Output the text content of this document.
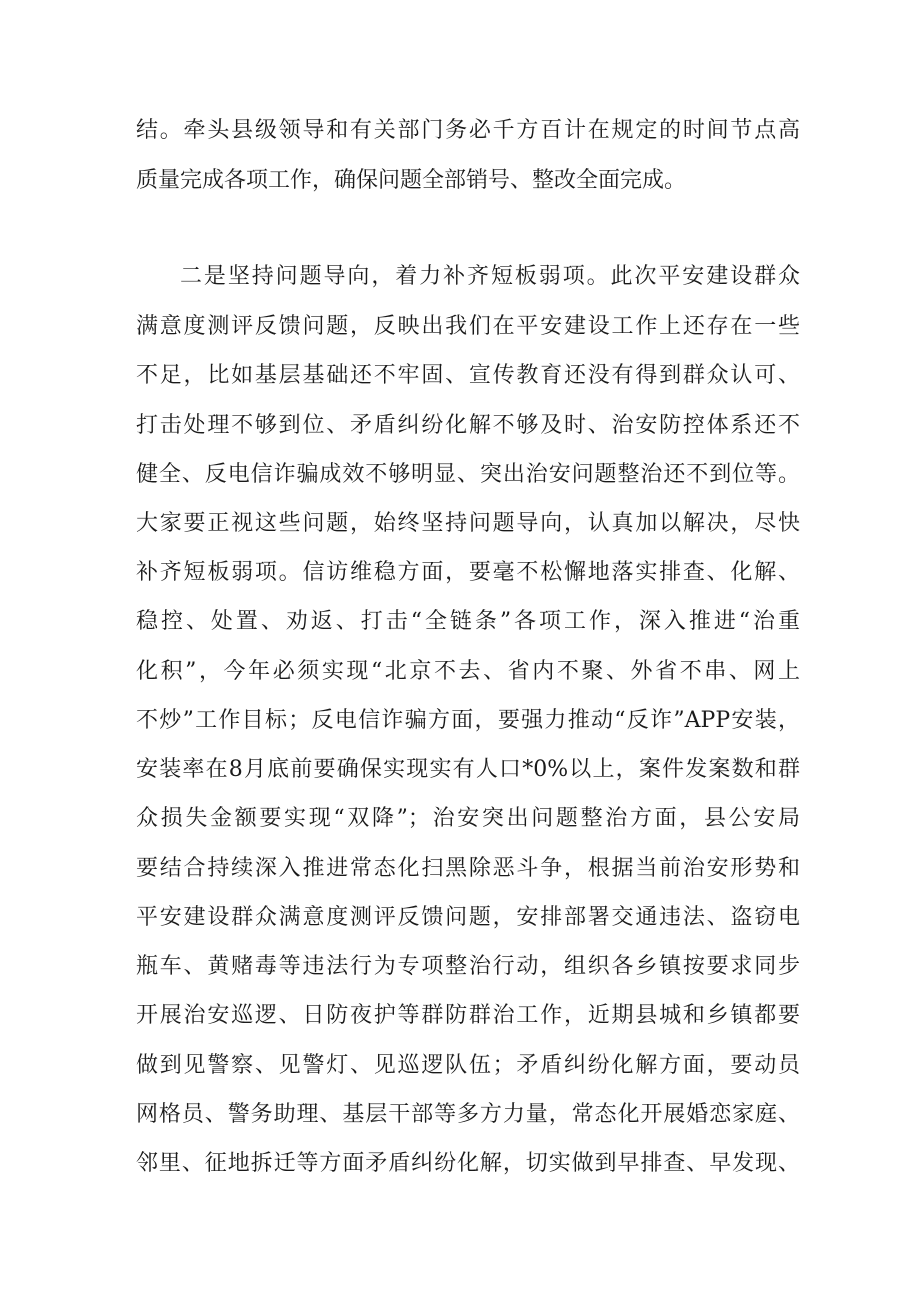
结。牵头县级领导和有关部门务必千方百计在规定的时间节点高
质量完成各项工作，确保问题全部销号、整改全面完成。
二是坚持问题导向，着力补齐短板弱项。此次平安建设群众
满意度测评反馈问题，反映出我们在平安建设工作上还存在一些
不足，比如基层基础还不牢固、宣传教育还没有得到群众认可、
打击处理不够到位、矛盾纠纷化解不够及时、治安防控体系还不
健全、反电信诈骗成效不够明显、突出治安问题整治还不到位等。
大家要正视这些问题，始终坚持问题导向，认真加以解决，尽快
补齐短板弱项。信访维稳方面，要毫不松懈地落实排查、化解、
稳控、处置、劝返、打击“全链条”各项工作，深入推进“治重
化积”，今年必须实现“北京不去、省内不聚、外省不串、网上
不炒”工作目标；反电信诈骗方面，要强力推动“反诈”APP安装，
安装率在8月底前要确保实现实有人口*0%以上，案件发案数和群
众损失金额要实现“双降”；治安突出问题整治方面，县公安局
要结合持续深入推进常态化扫黑除恶斗争，根据当前治安形势和
平安建设群众满意度测评反馈问题，安排部署交通违法、盗窃电
瓶车、黄赌毒等违法行为专项整治行动，组织各乡镇按要求同步
开展治安巡逻、日防夜护等群防群治工作，近期县城和乡镇都要
做到见警察、见警灯、见巡逻队伍；矛盾纠纷化解方面，要动员
网格员、警务助理、基层干部等多方力量，常态化开展婚恋家庭、
邻里、征地拆迁等方面矛盾纠纷化解，切实做到早排查、早发现、
